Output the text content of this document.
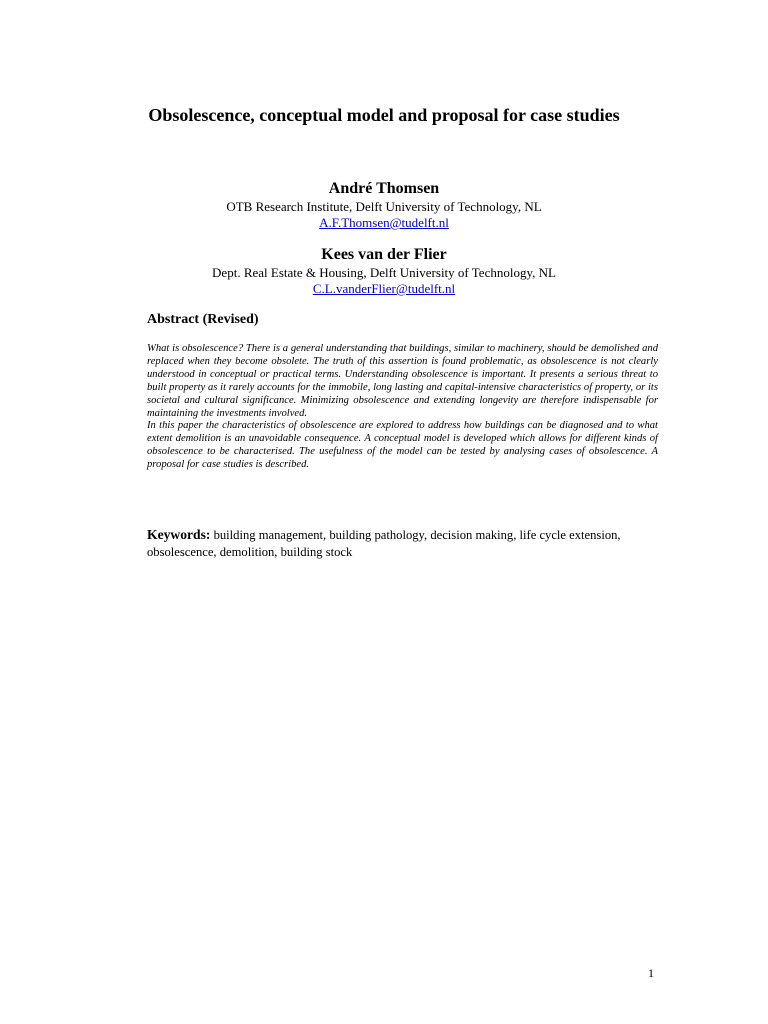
Obsolescence, conceptual model and proposal for case studies

André Thomsen

OTB Research Institute, Delft University of Technology, NL

A.F.Thomsen@tudelft.nl

Kees van der Flier

Dept. Real Estate & Housing, Delft University of Technology, NL

C.L.vanderFlier@tudelft.nl

Abstract (Revised)

What is obsolescence? There is a general understanding that buildings, similar to machinery, should be demolished and replaced when they become obsolete. The truth of this assertion is found problematic, as obsolescence is not clearly understood in conceptual or practical terms. Understanding obsolescence is important. It presents a serious threat to built property as it rarely accounts for the immobile, long lasting and capital-intensive characteristics of property, or its societal and cultural significance. Minimizing obsolescence and extending longevity are therefore indispensable for maintaining the investments involved.

In this paper the characteristics of obsolescence are explored to address how buildings can be diagnosed and to what extent demolition is an unavoidable consequence. A conceptual model is developed which allows for different kinds of obsolescence to be characterised. The usefulness of the model can be tested by analysing cases of obsolescence. A proposal for case studies is described.

Keywords: building management, building pathology, decision making, life cycle extension, obsolescence, demolition, building stock

1
